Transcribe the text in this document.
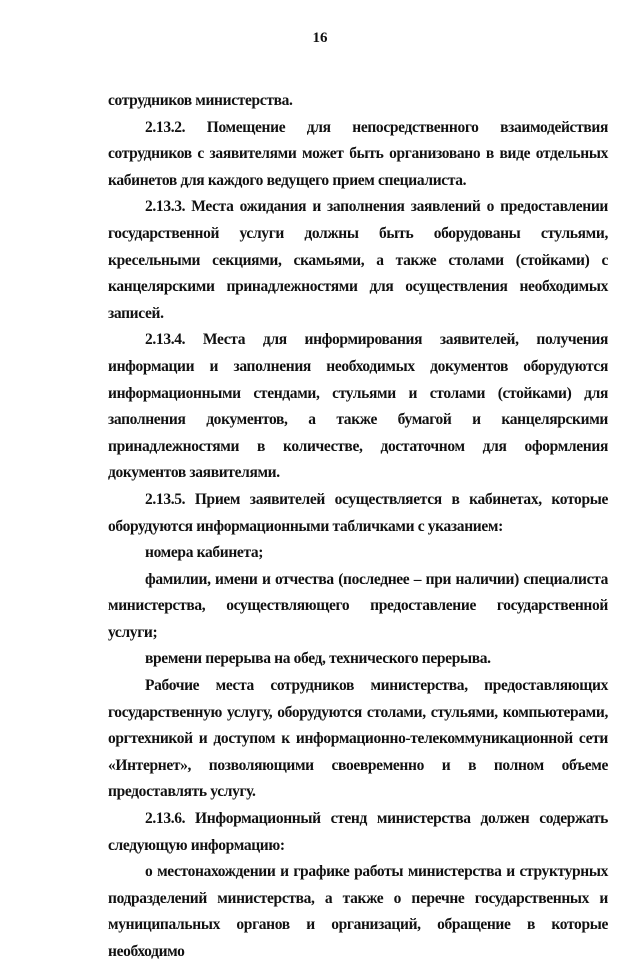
16

сотрудников министерства.

2.13.2. Помещение для непосредственного взаимодействия сотрудников с заявителями может быть организовано в виде отдельных кабинетов для каждого ведущего прием специалиста.

2.13.3. Места ожидания и заполнения заявлений о предоставлении государственной услуги должны быть оборудованы стульями, кресельными секциями, скамьями, а также столами (стойками) с канцелярскими принадлежностями для осуществления необходимых записей.

2.13.4. Места для информирования заявителей, получения информации и заполнения необходимых документов оборудуются информационными стендами, стульями и столами (стойками) для заполнения документов, а также бумагой и канцелярскими принадлежностями в количестве, достаточном для оформления документов заявителями.

2.13.5. Прием заявителей осуществляется в кабинетах, которые оборудуются информационными табличками с указанием:

номера кабинета;

фамилии, имени и отчества (последнее – при наличии) специалиста министерства, осуществляющего предоставление государственной услуги;

времени перерыва на обед, технического перерыва.

Рабочие места сотрудников министерства, предоставляющих государственную услугу, оборудуются столами, стульями, компьютерами, оргтехникой и доступом к информационно-телекоммуникационной сети «Интернет», позволяющими своевременно и в полном объеме предоставлять услугу.

2.13.6. Информационный стенд министерства должен содержать следующую информацию:

о местонахождении и графике работы министерства и структурных подразделений министерства, а также о перечне государственных и муниципальных органов и организаций, обращение в которые необходимо
